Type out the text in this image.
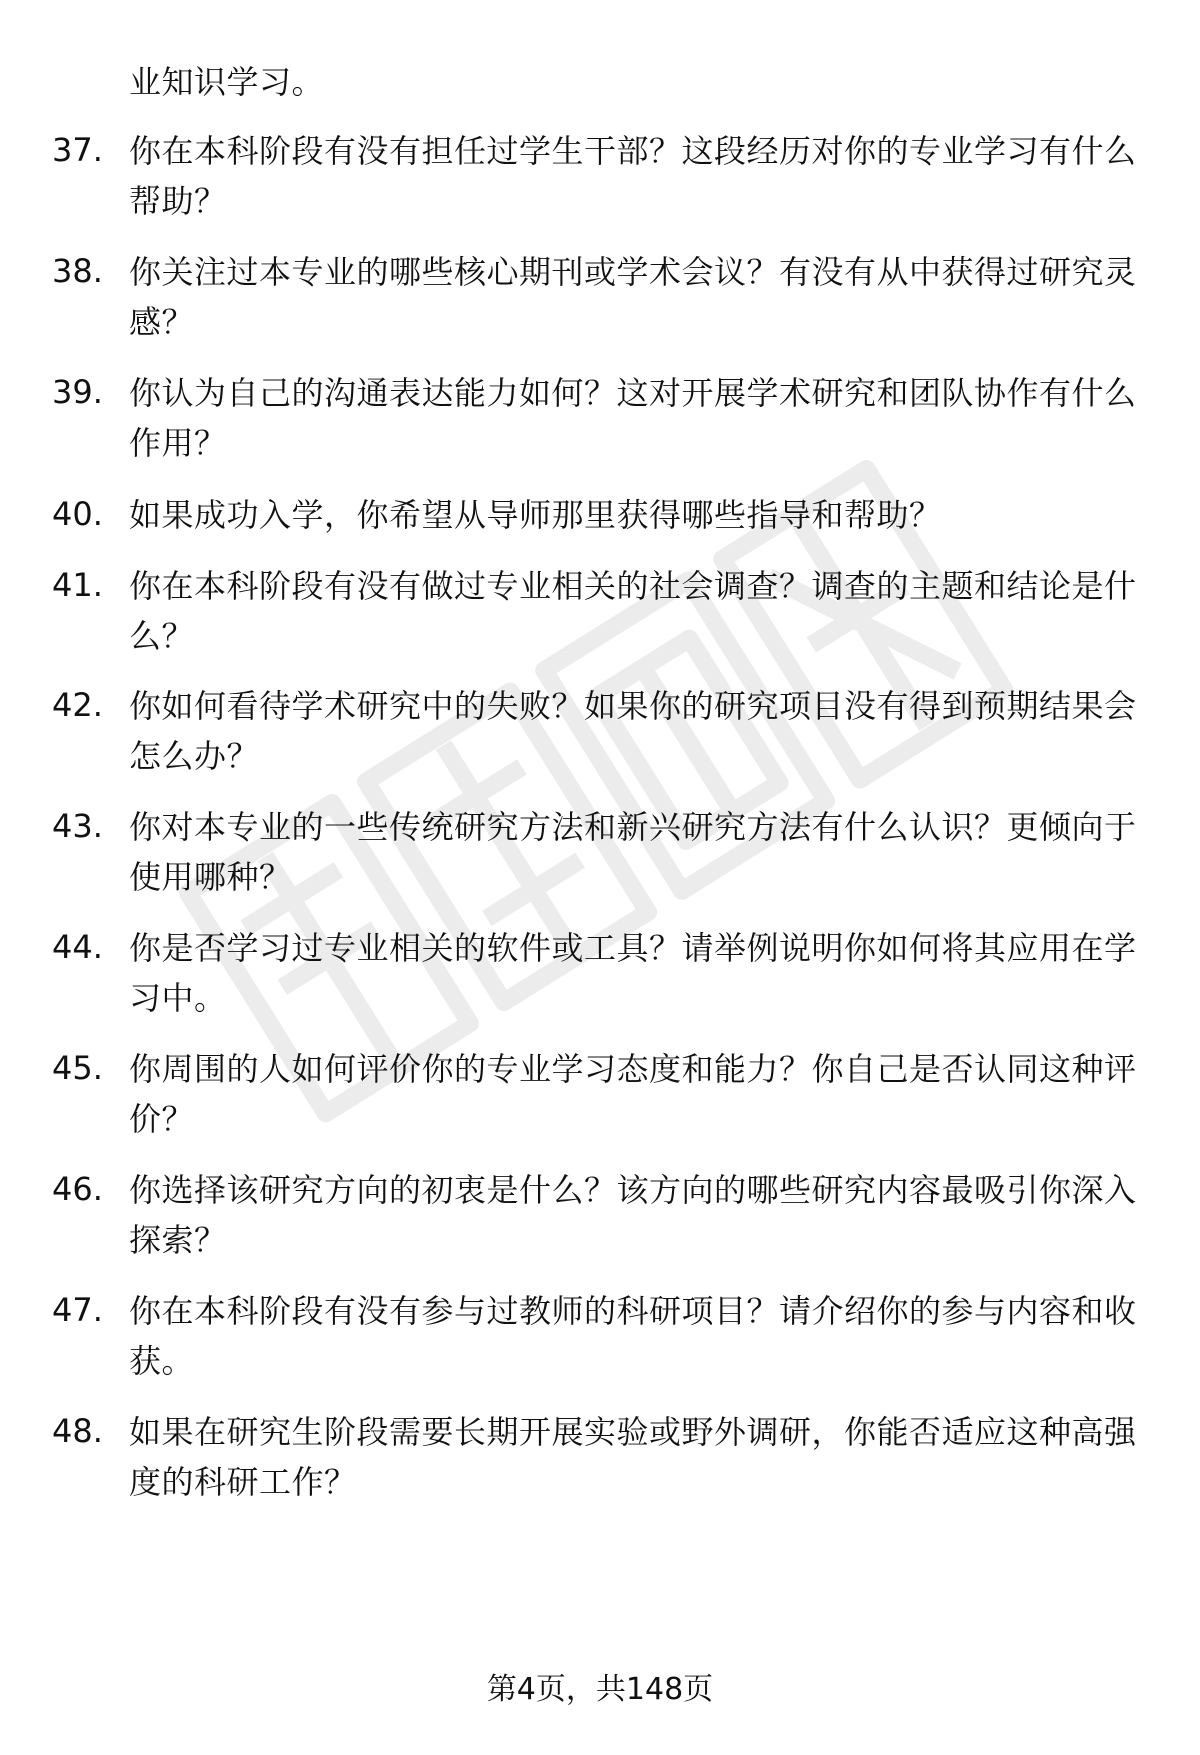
业知识学习。
37. 你在本科阶段有没有担任过学生干部？这段经历对你的专业学习有什么帮助？
38. 你关注过本专业的哪些核心期刊或学术会议？有没有从中获得过研究灵感？
39. 你认为自己的沟通表达能力如何？这对开展学术研究和团队协作有什么作用？
40. 如果成功入学，你希望从导师那里获得哪些指导和帮助？
41. 你在本科阶段有没有做过专业相关的社会调查？调查的主题和结论是什么？
42. 你如何看待学术研究中的失败？如果你的研究项目没有得到预期结果会怎么办？
43. 你对本专业的一些传统研究方法和新兴研究方法有什么认识？更倾向于使用哪种？
44. 你是否学习过专业相关的软件或工具？请举例说明你如何将其应用在学习中。
45. 你周围的人如何评价你的专业学习态度和能力？你自己是否认同这种评价？
46. 你选择该研究方向的初衷是什么？该方向的哪些研究内容最吸引你深入探索？
47. 你在本科阶段有没有参与过教师的科研项目？请介绍你的参与内容和收获。
48. 如果在研究生阶段需要长期开展实验或野外调研，你能否适应这种高强度的科研工作？
第4页，共148页
